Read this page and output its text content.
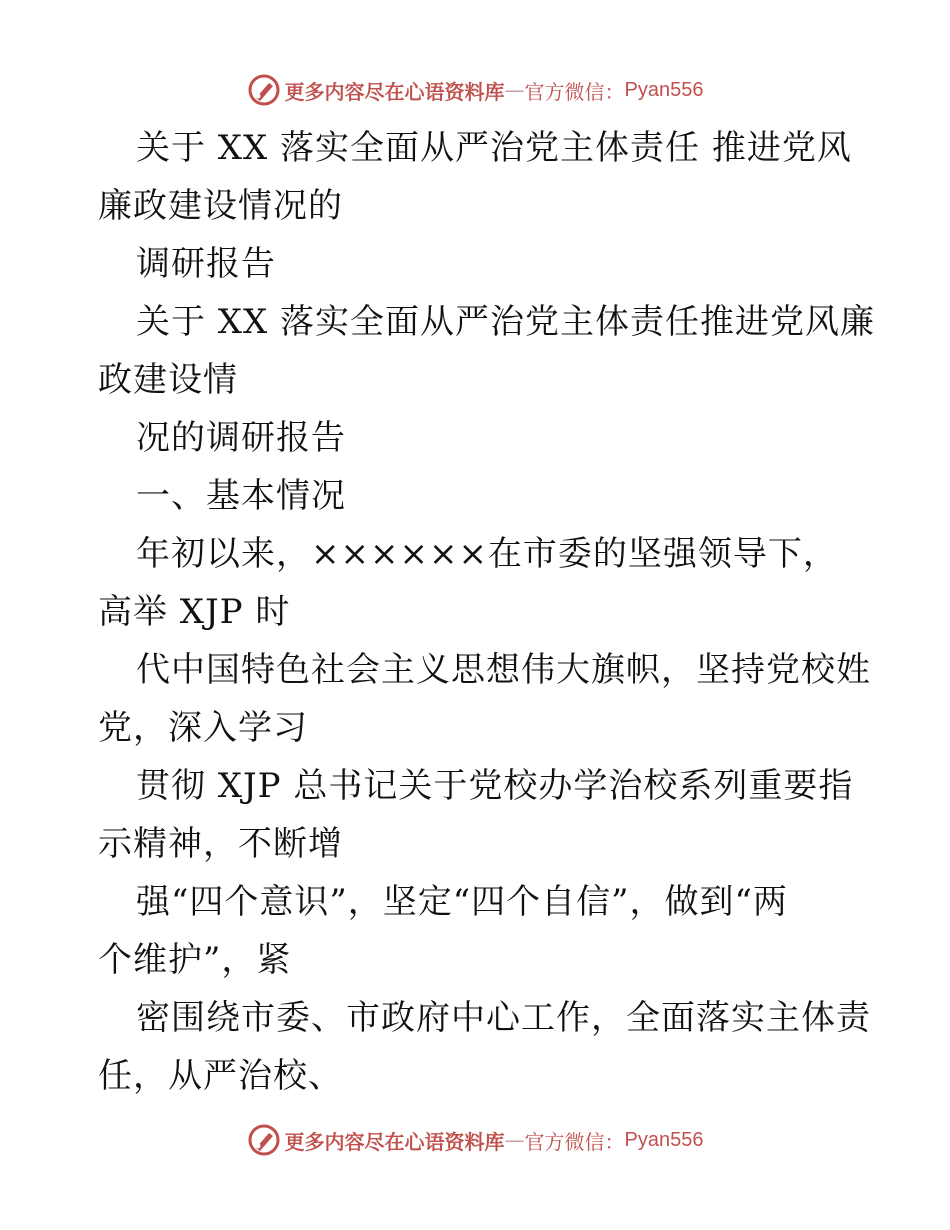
更多内容尽在心语资料库 — 官方微信： Pyan556
关于 XX 落实全面从严治党主体责任 推进党风
廉政建设情况的
调研报告
关于 XX 落实全面从严治党主体责任推进党风廉
政建设情
况的调研报告
一、基本情况
年初以来，××××××在市委的坚强领导下，
高举 XJP 时
代中国特色社会主义思想伟大旗帜，坚持党校姓
党，深入学习
贯彻 XJP 总书记关于党校办学治校系列重要指
示精神，不断增
强“四个意识”，坚定“四个自信”，做到“两
个维护”，紧
密围绕市委、市政府中心工作，全面落实主体责
任，从严治校、
更多内容尽在心语资料库 — 官方微信： Pyan556
